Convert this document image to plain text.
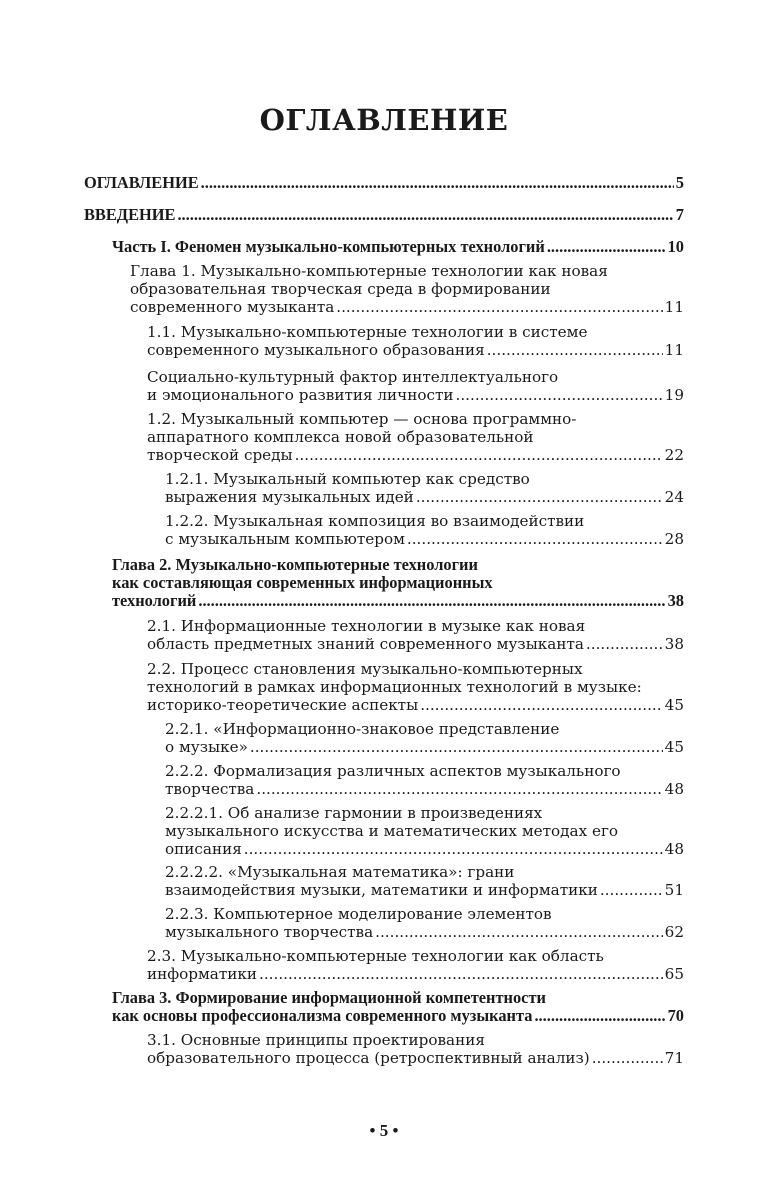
ОГЛАВЛЕНИЕ
ОГЛАВЛЕНИЕ .....	5
ВВЕДЕНИЕ .....	7
Часть I. Феномен музыкально-компьютерных технологий .....	10
Глава 1. Музыкально-компьютерные технологии как новая
образовательная творческая среда в формировании
современного музыканта .....	11
1.1. Музыкально-компьютерные технологии в системе
современного музыкального образования .....	11
Социально-культурный фактор интеллектуального
и эмоционального развития личности .....	19
1.2. Музыкальный компьютер — основа программно-
аппаратного комплекса новой образовательной
творческой среды .....	22
1.2.1. Музыкальный компьютер как средство
выражения музыкальных идей .....	24
1.2.2. Музыкальная композиция во взаимодействии
с музыкальным компьютером .....	28
Глава 2. Музыкально-компьютерные технологии
как составляющая современных информационных
технологий .....	38
2.1. Информационные технологии в музыке как новая
область предметных знаний современного музыканта .....	38
2.2. Процесс становления музыкально-компьютерных
технологий в рамках информационных технологий в музыке:
историко-теоретические аспекты .....	45
2.2.1. «Информационно-знаковое представление
о музыке» .....	45
2.2.2. Формализация различных аспектов музыкального
творчества .....	48
2.2.2.1. Об анализе гармонии в произведениях
музыкального искусства и математических методах его
описания .....	48
2.2.2.2. «Музыкальная математика»: грани
взаимодействия музыки, математики и информатики .....	51
2.2.3. Компьютерное моделирование элементов
музыкального творчества .....	62
2.3. Музыкально-компьютерные технологии как область
информатики .....	65
Глава 3. Формирование информационной компетентности
как основы профессионализма современного музыканта .....	70
3.1. Основные принципы проектирования
образовательного процесса (ретроспективный анализ) .....	71
• 5 •
